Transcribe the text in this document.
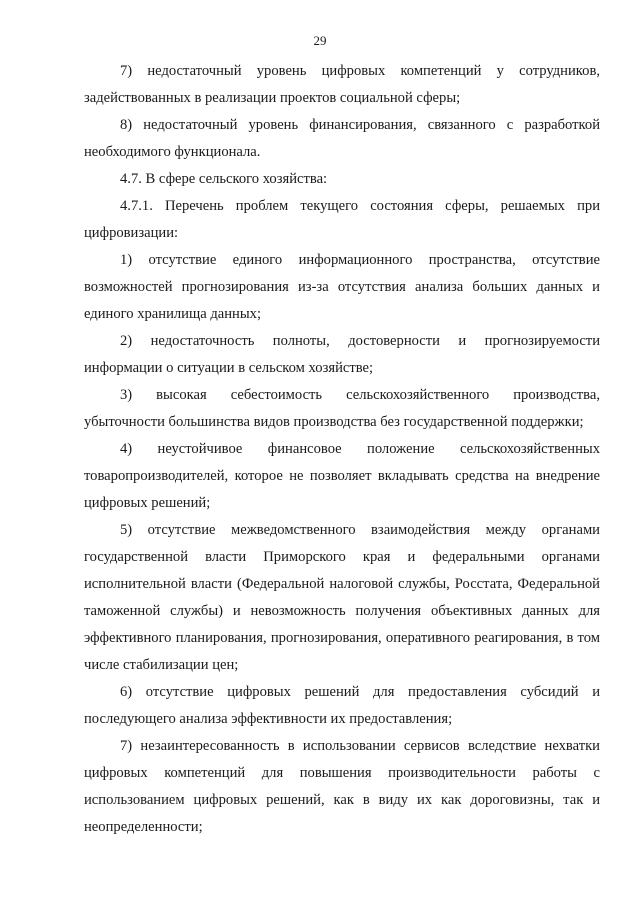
29

7) недостаточный уровень цифровых компетенций у сотрудников, задействованных в реализации проектов социальной сферы;

8) недостаточный уровень финансирования, связанного с разработкой необходимого функционала.

4.7. В сфере сельского хозяйства:

4.7.1. Перечень проблем текущего состояния сферы, решаемых при цифровизации:

1) отсутствие единого информационного пространства, отсутствие возможностей прогнозирования из-за отсутствия анализа больших данных и единого хранилища данных;

2) недостаточность полноты, достоверности и прогнозируемости информации о ситуации в сельском хозяйстве;

3) высокая себестоимость сельскохозяйственного производства, убыточности большинства видов производства без государственной поддержки;

4) неустойчивое финансовое положение сельскохозяйственных товаропроизводителей, которое не позволяет вкладывать средства на внедрение цифровых решений;

5) отсутствие межведомственного взаимодействия между органами государственной власти Приморского края и федеральными органами исполнительной власти (Федеральной налоговой службы, Росстата, Федеральной таможенной службы) и невозможность получения объективных данных для эффективного планирования, прогнозирования, оперативного реагирования, в том числе стабилизации цен;

6) отсутствие цифровых решений для предоставления субсидий и последующего анализа эффективности их предоставления;

7) незаинтересованность в использовании сервисов вследствие нехватки цифровых компетенций для повышения производительности работы с использованием цифровых решений, как в виду их как дороговизны, так и неопределенности;
